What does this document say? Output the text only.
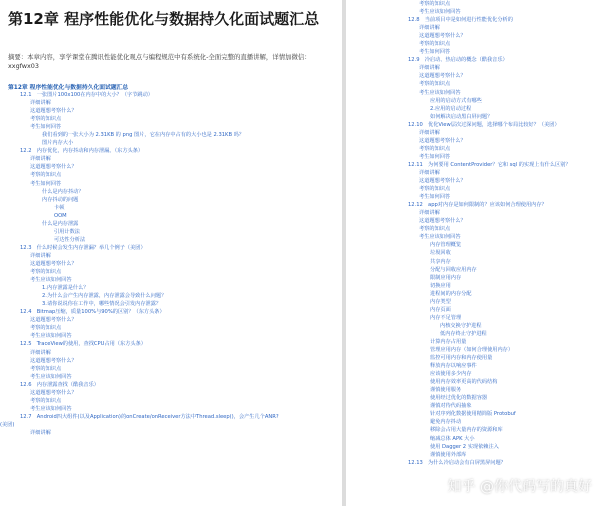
第12章 程序性能优化与数据持久化面试题汇总
摘要：本章内容，享学课堂在腾讯性能优化观点与编程规范中有系统化-全面完整的直播讲解，详情加微信：xxgfwx03
第12章 程序性能优化与数据持久化面试题汇总
12.1　一张图片100x100在内存中的大小？（字节跳动）
详细讲解
这道题想考察什么？
考察的知识点
考生如何回答
我们看到的一张大小为 2.31KB 的 png 图片，它在内存中占有的大小也是 2.31KB 吗？
图片内存大小
12.2　内存优化，内存抖动和内存泄漏。（东方头条）
详细讲解
这道题想考察什么？
考察的知识点
考生如何回答
什么是内存抖动？
内存抖动的问题
卡顿
OOM
什么是内存泄露
引用计数法
可达性分析法
12.3　什么时候会发生内存泄漏？举几个例子（美团）
详细讲解
这道题想考察什么？
考察的知识点
考生应该如何回答
1.内存泄露是什么？
2.为什么会产生内存泄露，内存泄露会导致什么问题？
3.请你说说你在工作中，哪些情况会引发内存泄露？
12.4　Bitmap压缩，质量100%与90%的区别？（东方头条）
这道题想考察什么？
考察的知识点
考生应该如何回答
12.5　TraceView的使用，查找CPU占用（东方头条）
详细讲解
这道题想考察什么？
考察的知识点
考生应该如何回答
12.6　内存泄露查找（酷我音乐）
这道题想考察什么？
考察的知识点
考生应该如何回答
12.7　Android四大组件(以及Application)的onCreate/onReceiver方法中Thread.sleep()，会产生几个ANR?
(美团)
详细讲解
考察的知识点
考生应该如何回答
12.8　当前项目中是如何进行性能优化分析的
详细讲解
这道题想考察什么？
考察的知识点
考生如何回答
12.9　冷启动、热启动的概念（酷我音乐）
详细讲解
这道题想考察什么？
考察的知识点
考生应该如何回答
应用的启动方式有哪些
2.应用的启动过程
如何解决启动黑白屏问题？
12.10　优化View层次过深问题，选择哪个布局比较好？（美团）
详细讲解
这道题想考察什么？
考察的知识点
考生如何回答
12.11　为何要用 ContentProvider？它和 sql 的实现上有什么区别？
详细讲解
这道题想考察什么？
考察的知识点
考生如何回答
12.12　app对内存是如何限制的？应该如何合理使用内存？
详细讲解
这道题想考察什么？
考察的知识点
考生应该如何回答
内存管理概览
垃圾回收
共享内存
分配与回收应用内存
限制应用内存
切换应用
进程间的内存分配
内存类型
内存页面
内存不足管理
内核交换守护进程
低内存终止守护进程
计算内存占用量
管理应用内存（如何合理使用内存）
监控可用内存和内存使用量
释放内存以响应事件
应该使用多少内存
使用内存效率更高的代码结构
谨慎使用服务
使用经过优化的数据容器
谨慎对待代码抽象
针对序列化数据使用精简版 Protobuf
避免内存抖动
移除会占用大量内存的资源和库
缩减总体 APK 大小
使用 Dagger 2 实现依赖注入
谨慎使用外部库
12.13　为什么冷启动会有白屏黑屏问题？
知乎 @你代码写的真好
